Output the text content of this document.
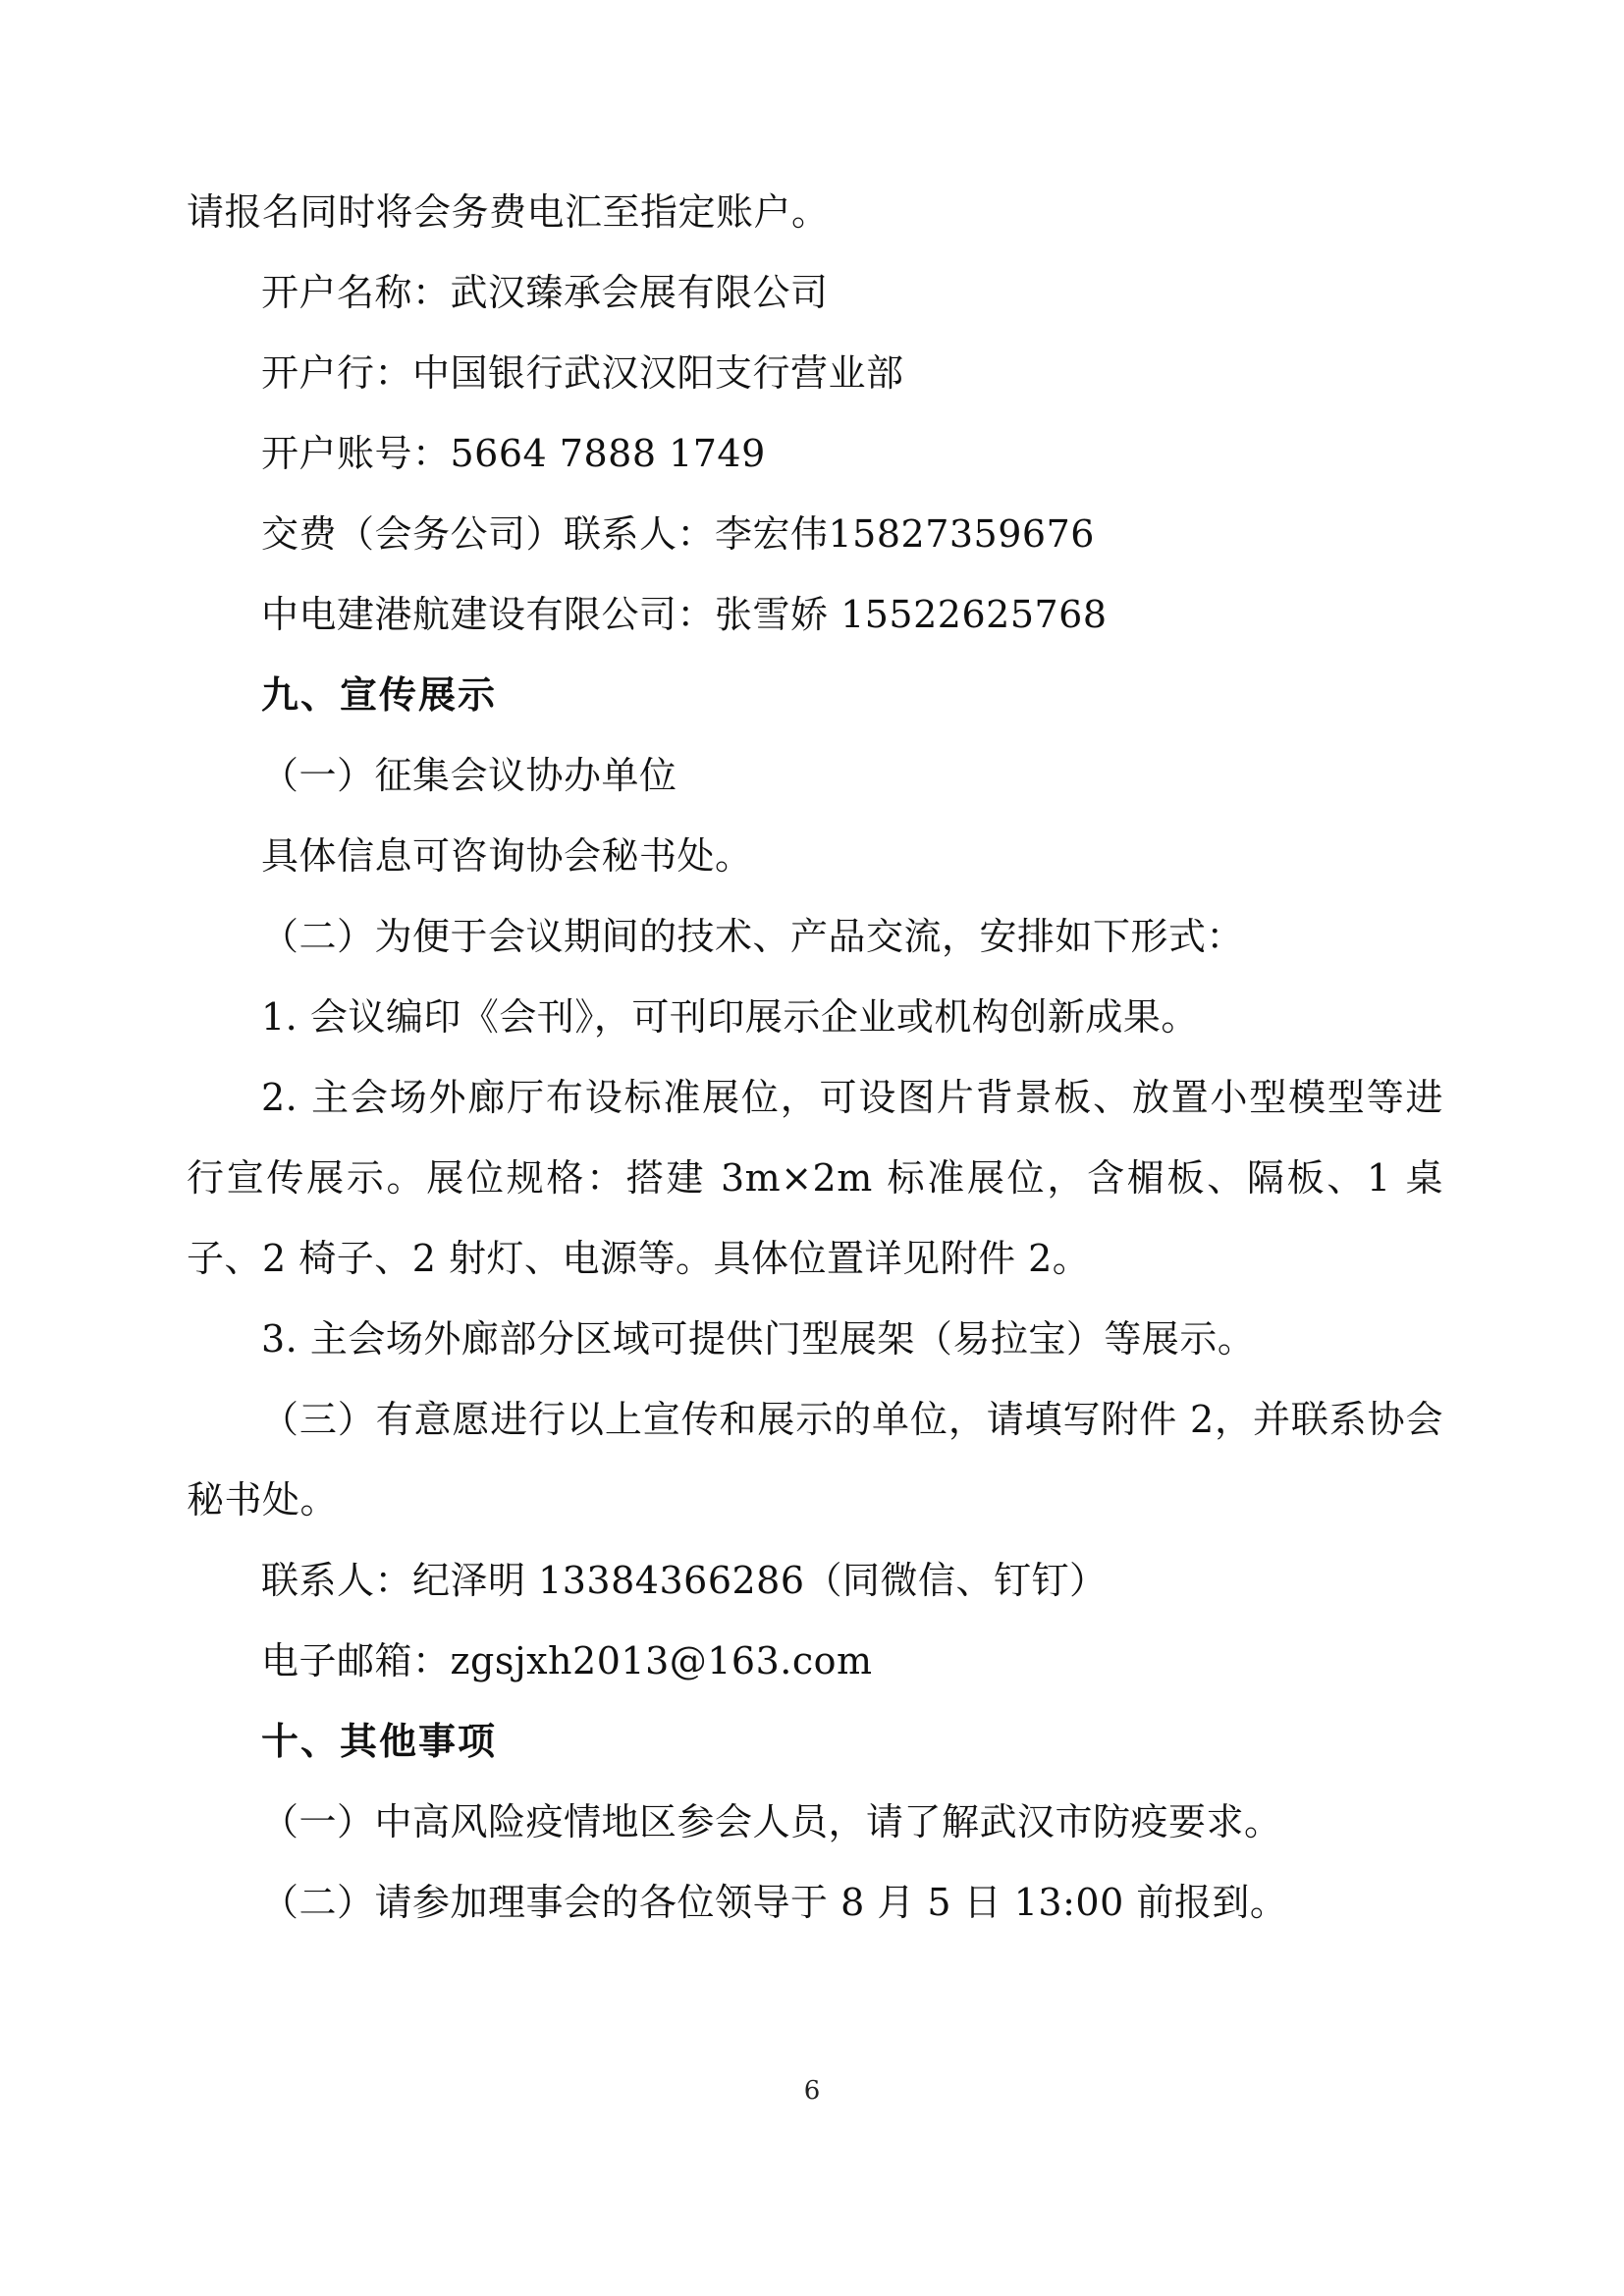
请报名同时将会务费电汇至指定账户。

开户名称：武汉臻承会展有限公司

开户行：中国银行武汉汉阳支行营业部

开户账号：5664 7888 1749

交费（会务公司）联系人：李宏伟15827359676

中电建港航建设有限公司：张雪娇 15522625768

九、宣传展示

（一）征集会议协办单位

具体信息可咨询协会秘书处。

（二）为便于会议期间的技术、产品交流，安排如下形式：

1. 会议编印《会刊》，可刊印展示企业或机构创新成果。

2. 主会场外廊厅布设标准展位，可设图片背景板、放置小型模型等进行宣传展示。展位规格：搭建 3m×2m 标准展位，含楣板、隔板、1 桌子、2 椅子、2 射灯、电源等。具体位置详见附件 2。

3. 主会场外廊部分区域可提供门型展架（易拉宝）等展示。

（三）有意愿进行以上宣传和展示的单位，请填写附件 2，并联系协会秘书处。

联系人：纪泽明 13384366286（同微信、钉钉）

电子邮箱：zgsjxh2013@163.com

十、其他事项

（一）中高风险疫情地区参会人员，请了解武汉市防疫要求。

（二）请参加理事会的各位领导于 8 月 5 日 13:00 前报到。

6
